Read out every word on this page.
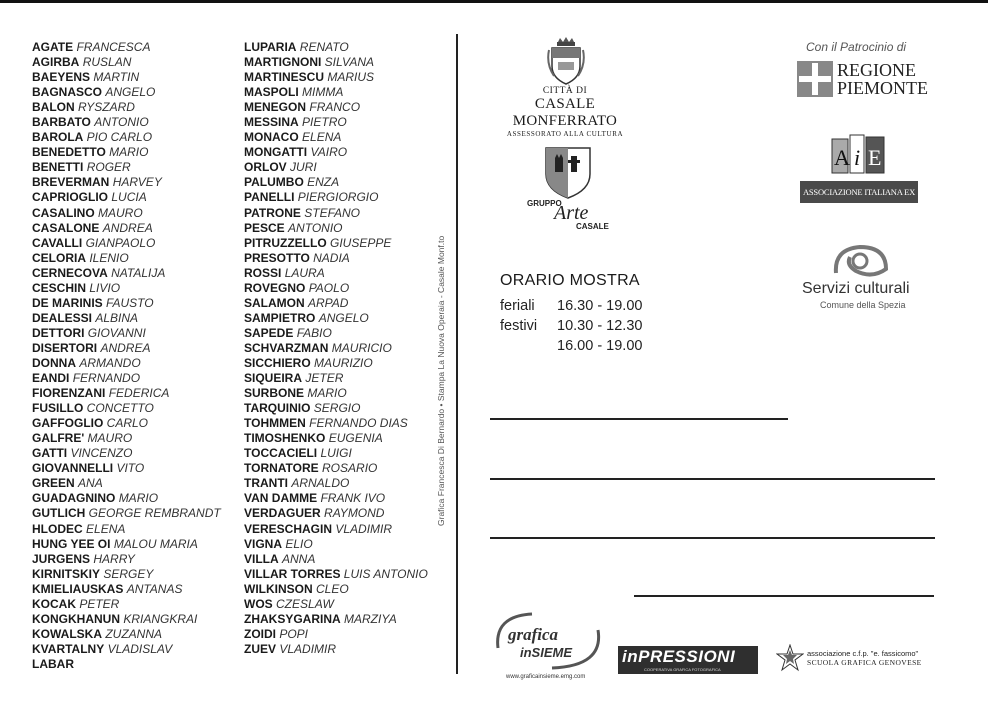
AGATE FRANCESCA
AGIRBA RUSLAN
BAEYENS MARTIN
BAGNASCO ANGELO
BALON RYSZARD
BARBATO ANTONIO
BAROLA PIO CARLO
BENEDETTO MARIO
BENETTI ROGER
BREVERMAN HARVEY
CAPRIOGLIO LUCIA
CASALINO MAURO
CASALONE ANDREA
CAVALLI GIANPAOLO
CELORIA ILENIO
CERNECOVA NATALIJA
CESCHIN LIVIO
DE MARINIS FAUSTO
DEALESSI ALBINA
DETTORI GIOVANNI
DISERTORI ANDREA
DONNA ARMANDO
EANDI FERNANDO
FIORENZANI FEDERICA
FUSILLO CONCETTO
GAFFOGLIO CARLO
GALFRE' MAURO
GATTI VINCENZO
GIOVANNELLI VITO
GREEN ANA
GUADAGNINO MARIO
GUTLICH GEORGE REMBRANDT
HLODEC ELENA
HUNG YEE OI MALOU MARIA
JURGENS HARRY
KIRNITSKIY SERGEY
KMIELIAUSKAS ANTANAS
KOCAK PETER
KONGKHANUN KRIANGKRAI
KOWALSKA ZUZANNA
KVARTALNY VLADISLAV
LABAR
LUPARIA RENATO
MARTIGNONI SILVANA
MARTINESCU MARIUS
MASPOLI MIMMA
MENEGON FRANCO
MESSINA PIETRO
MONACO ELENA
MONGATTI VAIRO
ORLOV JURI
PALUMBO ENZA
PANELLI PIERGIORGIO
PATRONE STEFANO
PESCE ANTONIO
PITRUZZELLO GIUSEPPE
PRESOTTO NADIA
ROSSI LAURA
ROVEGNO PAOLO
SALAMON ARPAD
SAMPIETRO ANGELO
SAPEDE FABIO
SCHVARZMAN MAURICIO
SICCHIERO MAURIZIO
SIQUEIRA JETER
SURBONE MARIO
TARQUINIO SERGIO
TOHMMEN FERNANDO DIAS
TIMOSHENKO EUGENIA
TOCCACIELI LUIGI
TORNATORE ROSARIO
TRANTI ARNALDO
VAN DAMME FRANK IVO
VERDAGUER RAYMOND
VERESCHAGIN VLADIMIR
VIGNA ELIO
VILLA ANNA
VILLAR TORRES LUIS ANTONIO
WILKINSON CLEO
WOS CZESLAW
ZHAKSYGARINA MARZIYA
ZOIDI POPI
ZUEV VLADIMIR
Grafica Francesca Di Bernardo • Stampa La Nuova Operaia - Casale Monf.to
CITTÀ DI
CASALE MONFERRATO
ASSESSORATO ALLA CULTURA
GRUPPO
Arte
CASALE
ORARIO MOSTRA
feriali 16.30 - 19.00
festivi 10.30 - 12.30
16.00 - 19.00
Con il Patrocinio di
REGIONE
PIEMONTE
A i E
ASSOCIAZIONE ITALIANA EX LIBRIS
Servizi culturali
Comune della Spezia
grafica
inSIEME
www.graficainsieme.emg.com
inPRESSIONI
COOPERATIVA GRAFICA FOTOGRAFICA
associazione c.f.p. "e. fassicomo"
SCUOLA GRAFICA GENOVESE
